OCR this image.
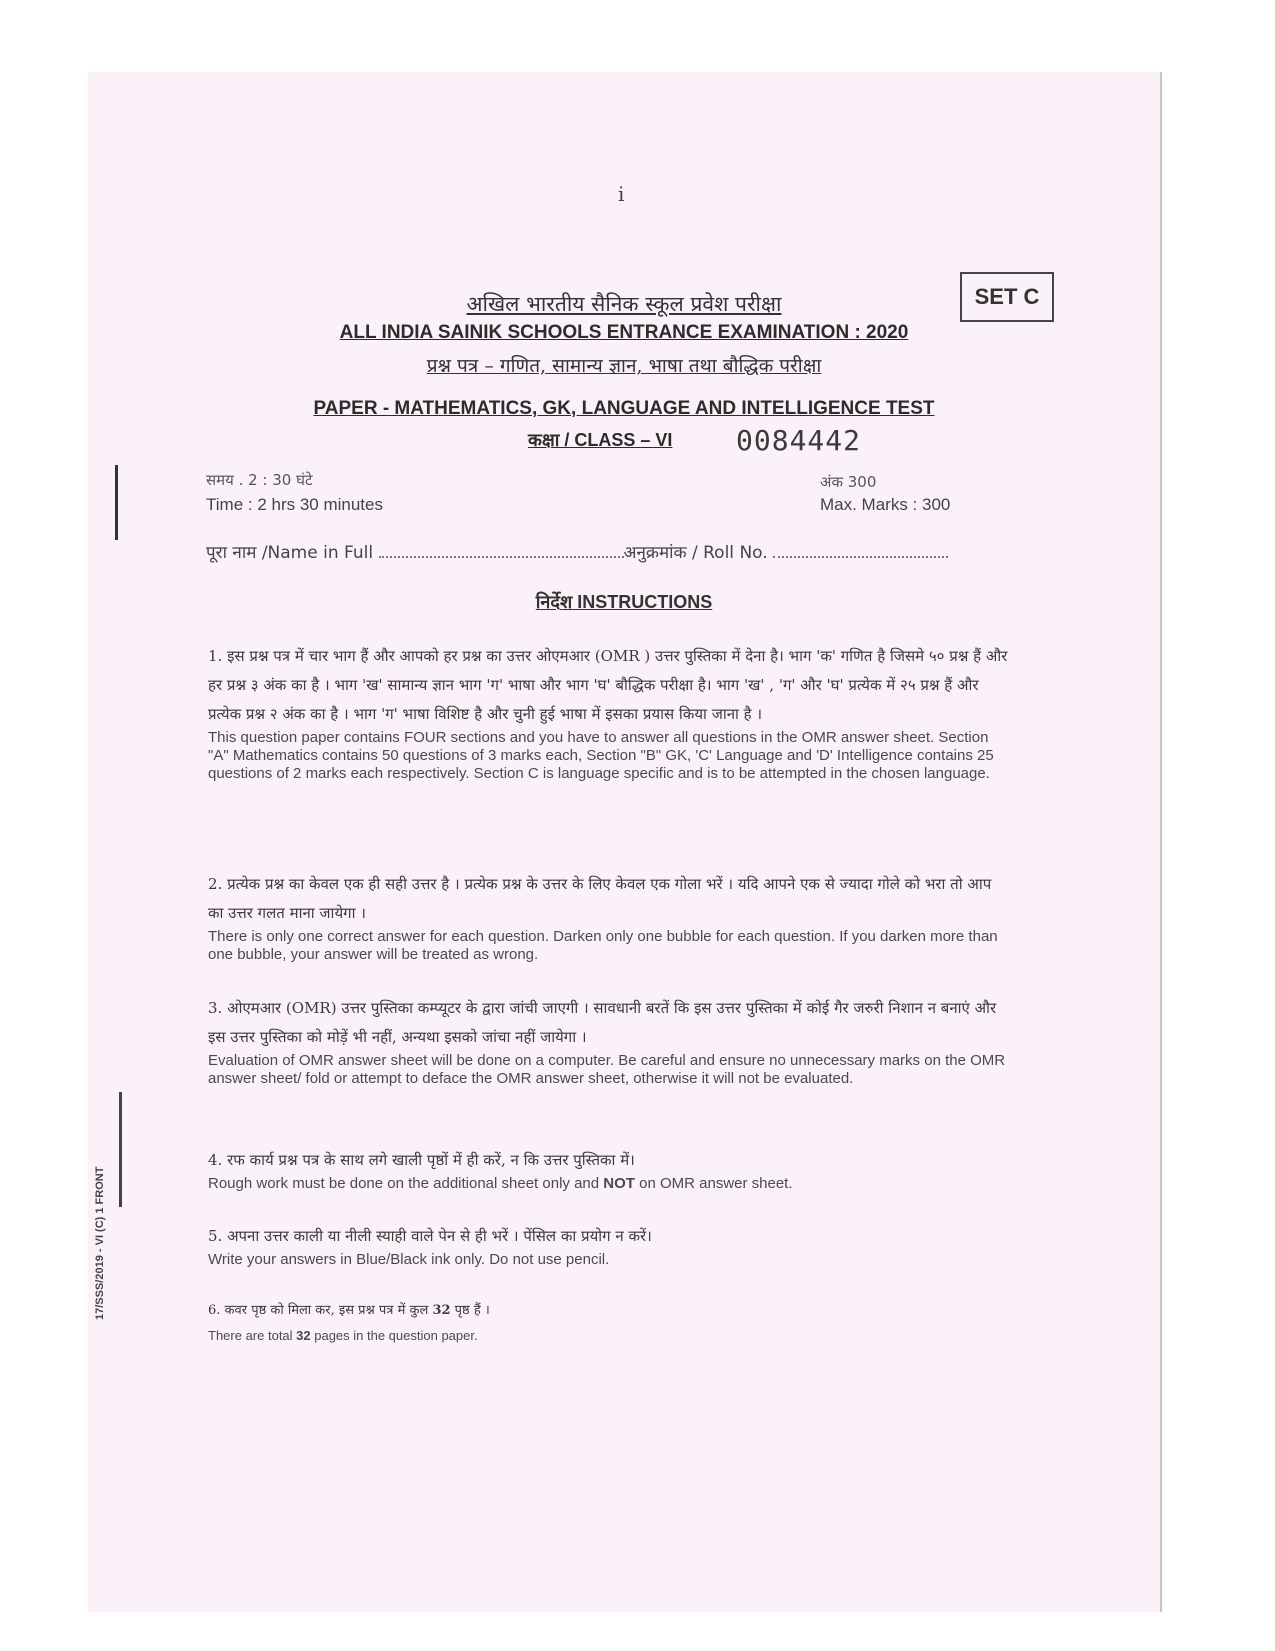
i
SET C
अखिल भारतीय सैनिक स्कूल प्रवेश परीक्षा
ALL INDIA SAINIK SCHOOLS ENTRANCE EXAMINATION : 2020
प्रश्न पत्र – गणित, सामान्य ज्ञान, भाषा तथा बौद्धिक परीक्षा
PAPER - MATHEMATICS, GK, LANGUAGE AND INTELLIGENCE TEST
कक्षा / CLASS – VI 0084442
समय . 2 : 30 घंटे
Time : 2 hrs 30 minutes
अंक 300
Max. Marks : 300
पूरा नाम /Name in Full	अनुक्रमांक / Roll No.
निर्देश INSTRUCTIONS
1. इस प्रश्न पत्र में चार भाग हैं और आपको हर प्रश्न का उत्तर ओएमआर (OMR ) उत्तर पुस्तिका में देना है। भाग 'क' गणित है जिसमे ५० प्रश्न हैं और हर प्रश्न ३ अंक का है । भाग 'ख' सामान्य ज्ञान भाग 'ग' भाषा और भाग 'घ' बौद्धिक परीक्षा है। भाग 'ख' , 'ग' और 'घ' प्रत्येक में २५ प्रश्न हैं और प्रत्येक प्रश्न २ अंक का है । भाग 'ग' भाषा विशिष्ट है और चुनी हुई भाषा में इसका प्रयास किया जाना है ।
This question paper contains FOUR sections and you have to answer all questions in the OMR answer sheet. Section "A" Mathematics contains 50 questions of 3 marks each, Section "B" GK, 'C' Language and 'D' Intelligence contains 25 questions of 2 marks each respectively. Section C is language specific and is to be attempted in the chosen language.
2. प्रत्येक प्रश्न का केवल एक ही सही उत्तर है । प्रत्येक प्रश्न के उत्तर के लिए केवल एक गोला भरें । यदि आपने एक से ज्यादा गोले को भरा तो आप का उत्तर गलत माना जायेगा ।
There is only one correct answer for each question. Darken only one bubble for each question. If you darken more than one bubble, your answer will be treated as wrong.
3. ओएमआर (OMR) उत्तर पुस्तिका कम्प्यूटर के द्वारा जांची जाएगी । सावधानी बरतें कि इस उत्तर पुस्तिका में कोई गैर जरुरी निशान न बनाएं और इस उत्तर पुस्तिका को मोड़ें भी नहीं, अन्यथा इसको जांचा नहीं जायेगा ।
Evaluation of OMR answer sheet will be done on a computer. Be careful and ensure no unnecessary marks on the OMR answer sheet/ fold or attempt to deface the OMR answer sheet, otherwise it will not be evaluated.
4. रफ कार्य प्रश्न पत्र के साथ लगे खाली पृष्ठों में ही करें, न कि उत्तर पुस्तिका में।
Rough work must be done on the additional sheet only and NOT on OMR answer sheet.
5. अपना उत्तर काली या नीली स्याही वाले पेन से ही भरें । पेंसिल का प्रयोग न करें।
Write your answers in Blue/Black ink only. Do not use pencil.
6. कवर पृष्ठ को मिला कर, इस प्रश्न पत्र में कुल 32 पृष्ठ हैं ।
There are total 32 pages in the question paper.
17/SSS/2019 - VI (C) 1 FRONT
